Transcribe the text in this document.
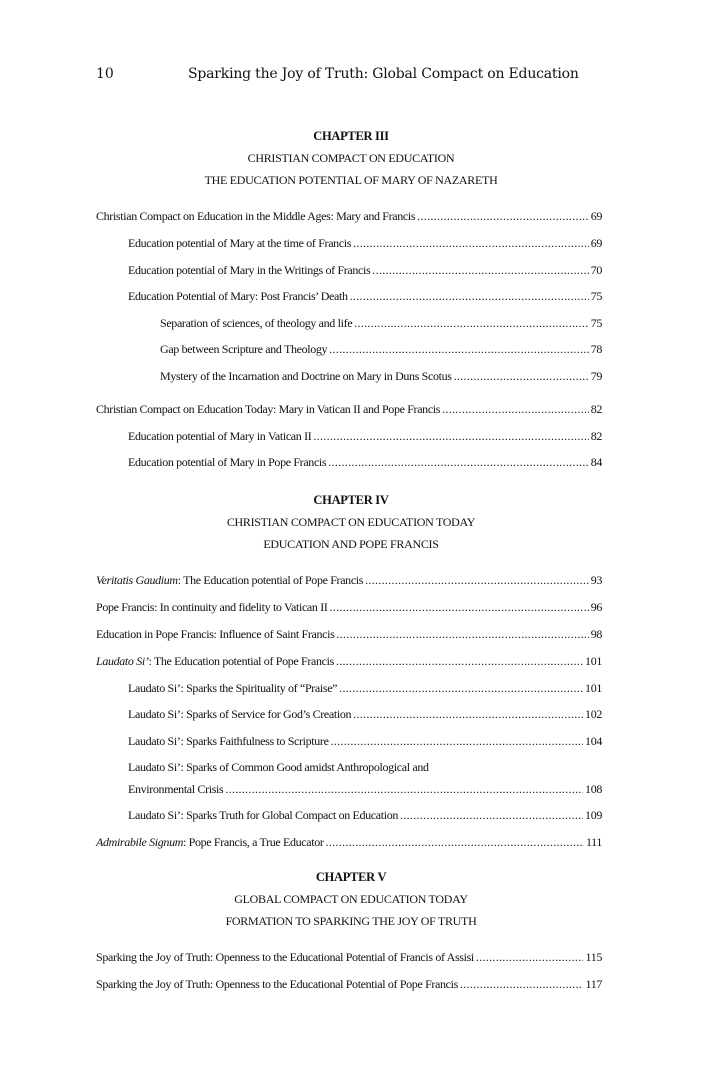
10	Sparking the Joy of Truth: Global Compact on Education
CHAPTER III
CHRISTIAN COMPACT ON EDUCATION
THE EDUCATION POTENTIAL OF MARY OF NAZARETH
Christian Compact on Education in the Middle Ages: Mary and Francis .....	69
Education potential of Mary at the time of Francis .....	69
Education potential of Mary in the Writings of Francis .....	70
Education Potential of Mary: Post Francis’ Death .....	75
Separation of sciences, of theology and life .....	75
Gap between Scripture and Theology .....	78
Mystery of the Incarnation and Doctrine on Mary in Duns Scotus .....	79
Christian Compact on Education Today: Mary in Vatican II and Pope Francis .....	82
Education potential of Mary in Vatican II .....	82
Education potential of Mary in Pope Francis .....	84
CHAPTER IV
CHRISTIAN COMPACT ON EDUCATION TODAY
EDUCATION AND POPE FRANCIS
Veritatis Gaudium: The Education potential of Pope Francis .....	93
Pope Francis: In continuity and fidelity to Vatican II .....	96
Education in Pope Francis: Influence of Saint Francis .....	98
Laudato Si’: The Education potential of Pope Francis .....	101
Laudato Si’: Sparks the Spirituality of “Praise” .....	101
Laudato Si’: Sparks of Service for God’s Creation .....	102
Laudato Si’: Sparks Faithfulness to Scripture .....	104
Laudato Si’: Sparks of Common Good amidst Anthropological and
Environmental Crisis .....	108
Laudato Si’: Sparks Truth for Global Compact on Education .....	109
Admirabile Signum: Pope Francis, a True Educator .....	111
CHAPTER V
GLOBAL COMPACT ON EDUCATION TODAY
FORMATION TO SPARKING THE JOY OF TRUTH
Sparking the Joy of Truth: Openness to the Educational Potential of Francis of Assisi .....	115
Sparking the Joy of Truth: Openness to the Educational Potential of Pope Francis .....	117
